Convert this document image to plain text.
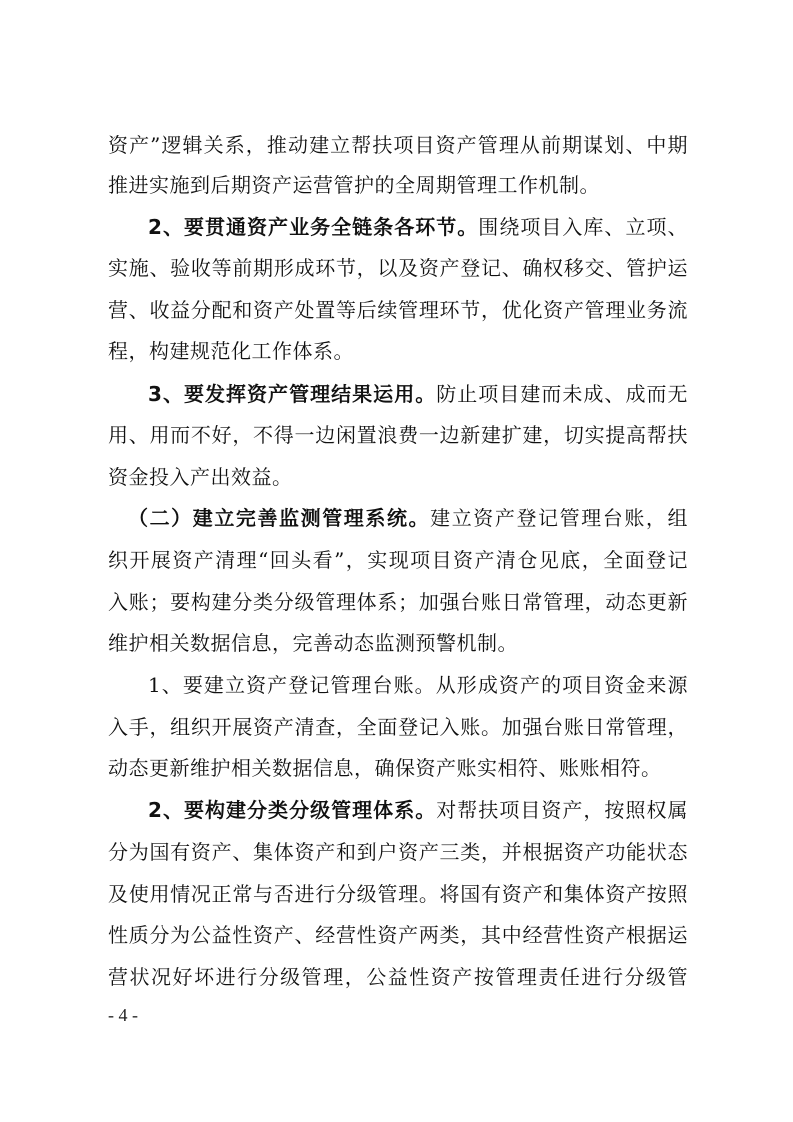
资产”逻辑关系，推动建立帮扶项目资产管理从前期谋划、中期
推进实施到后期资产运营管护的全周期管理工作机制。
2、要贯通资产业务全链条各环节。围绕项目入库、立项、
实施、验收等前期形成环节，以及资产登记、确权移交、管护运
营、收益分配和资产处置等后续管理环节，优化资产管理业务流
程，构建规范化工作体系。
3、要发挥资产管理结果运用。防止项目建而未成、成而无
用、用而不好，不得一边闲置浪费一边新建扩建，切实提高帮扶
资金投入产出效益。
（二）建立完善监测管理系统。建立资产登记管理台账，组
织开展资产清理“回头看”，实现项目资产清仓见底，全面登记
入账；要构建分类分级管理体系；加强台账日常管理，动态更新
维护相关数据信息，完善动态监测预警机制。
1、要建立资产登记管理台账。从形成资产的项目资金来源
入手，组织开展资产清查，全面登记入账。加强台账日常管理，
动态更新维护相关数据信息，确保资产账实相符、账账相符。
2、要构建分类分级管理体系。对帮扶项目资产，按照权属
分为国有资产、集体资产和到户资产三类，并根据资产功能状态
及使用情况正常与否进行分级管理。将国有资产和集体资产按照
性质分为公益性资产、经营性资产两类，其中经营性资产根据运
营状况好坏进行分级管理，公益性资产按管理责任进行分级管
- 4 -
